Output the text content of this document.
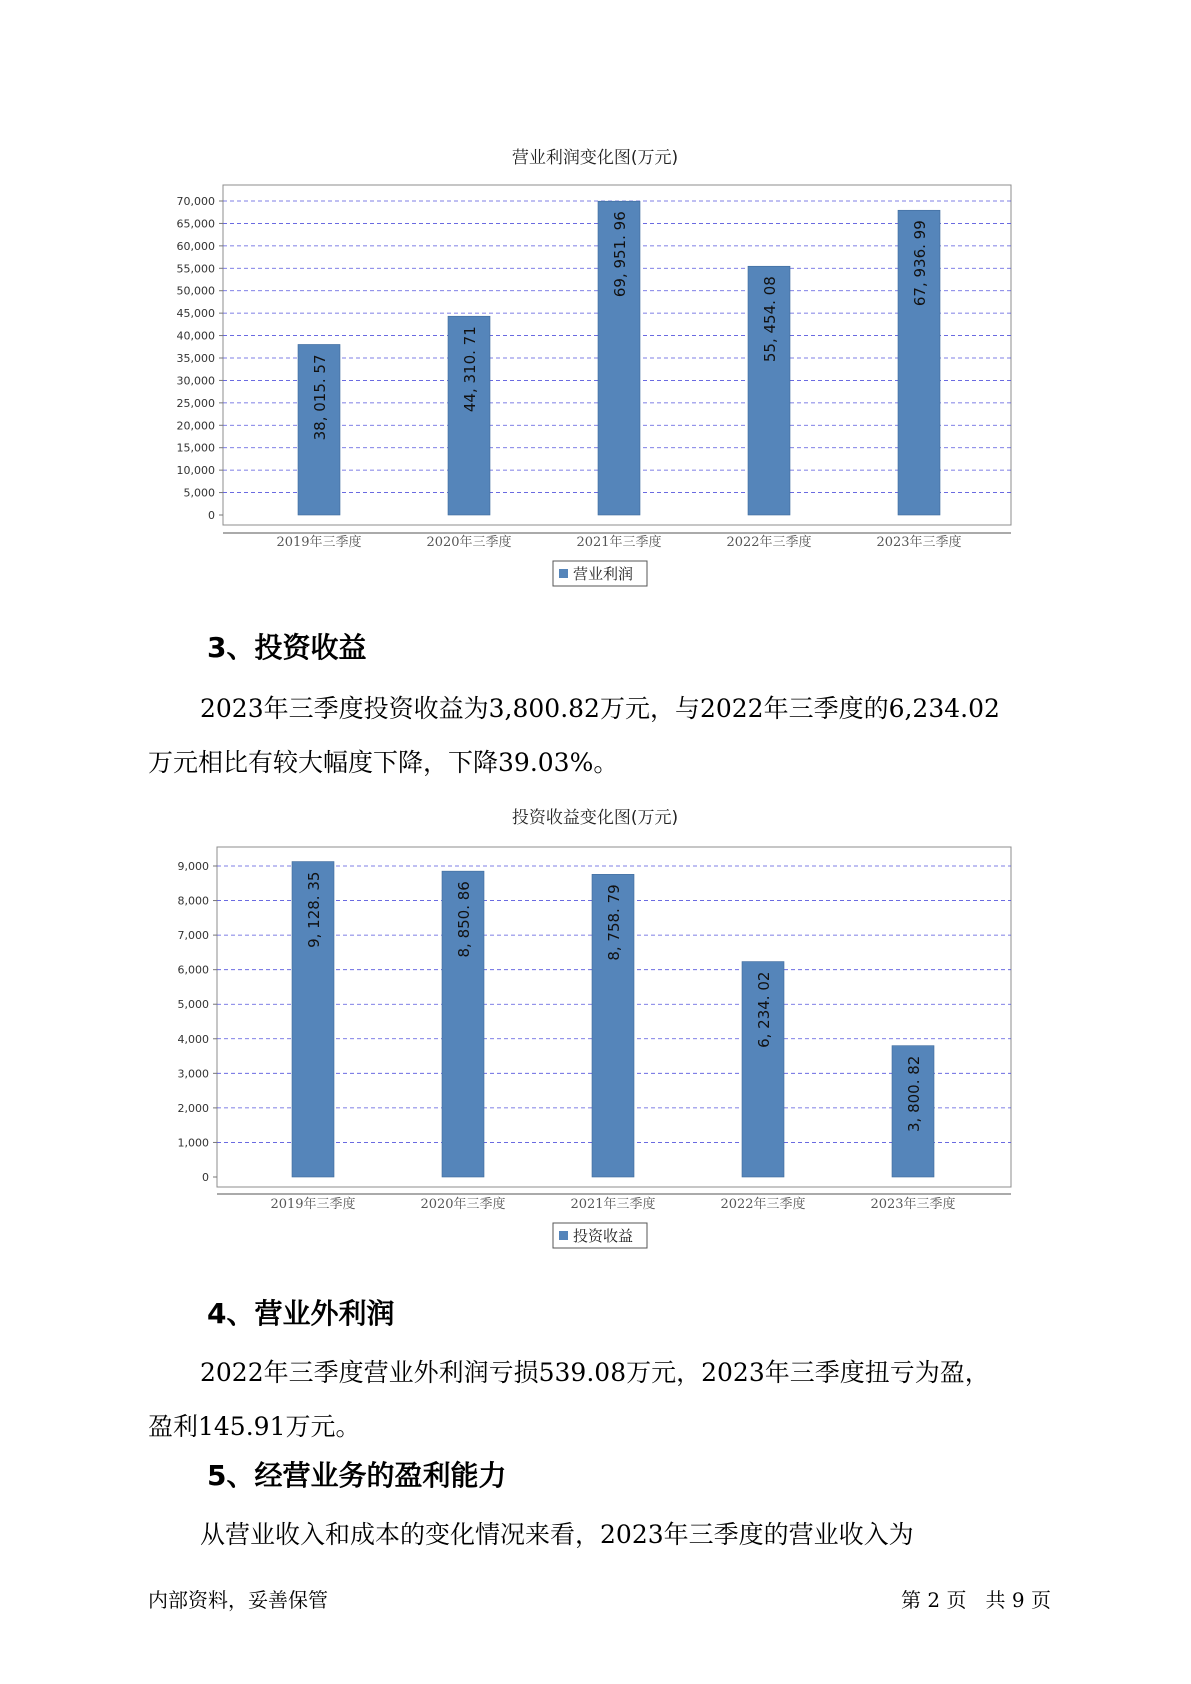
营业利润变化图(万元)
0
5,000
10,000
15,000
20,000
25,000
30,000
35,000
40,000
45,000
50,000
55,000
60,000
65,000
70,000
38, 015. 57
2019年三季度
44, 310. 71
2020年三季度
69, 951. 96
2021年三季度
55, 454. 08
2022年三季度
67, 936. 99
2023年三季度
营业利润
投资收益变化图(万元)
0
1,000
2,000
3,000
4,000
5,000
6,000
7,000
8,000
9,000
9, 128. 35
2019年三季度
8, 850. 86
2020年三季度
8, 758. 79
2021年三季度
6, 234. 02
2022年三季度
3, 800. 82
2023年三季度
投资收益
3、投资收益

2023年三季度投资收益为3,800.82万元，与2022年三季度的6,234.02

万元相比有较大幅度下降，下降39.03%。
4、营业外利润

2022年三季度营业外利润亏损539.08万元，2023年三季度扭亏为盈，

盈利145.91万元。
5、经营业务的盈利能力

从营业收入和成本的变化情况来看，2023年三季度的营业收入为

内部资料，妥善保管	第 2 页   共 9 页
